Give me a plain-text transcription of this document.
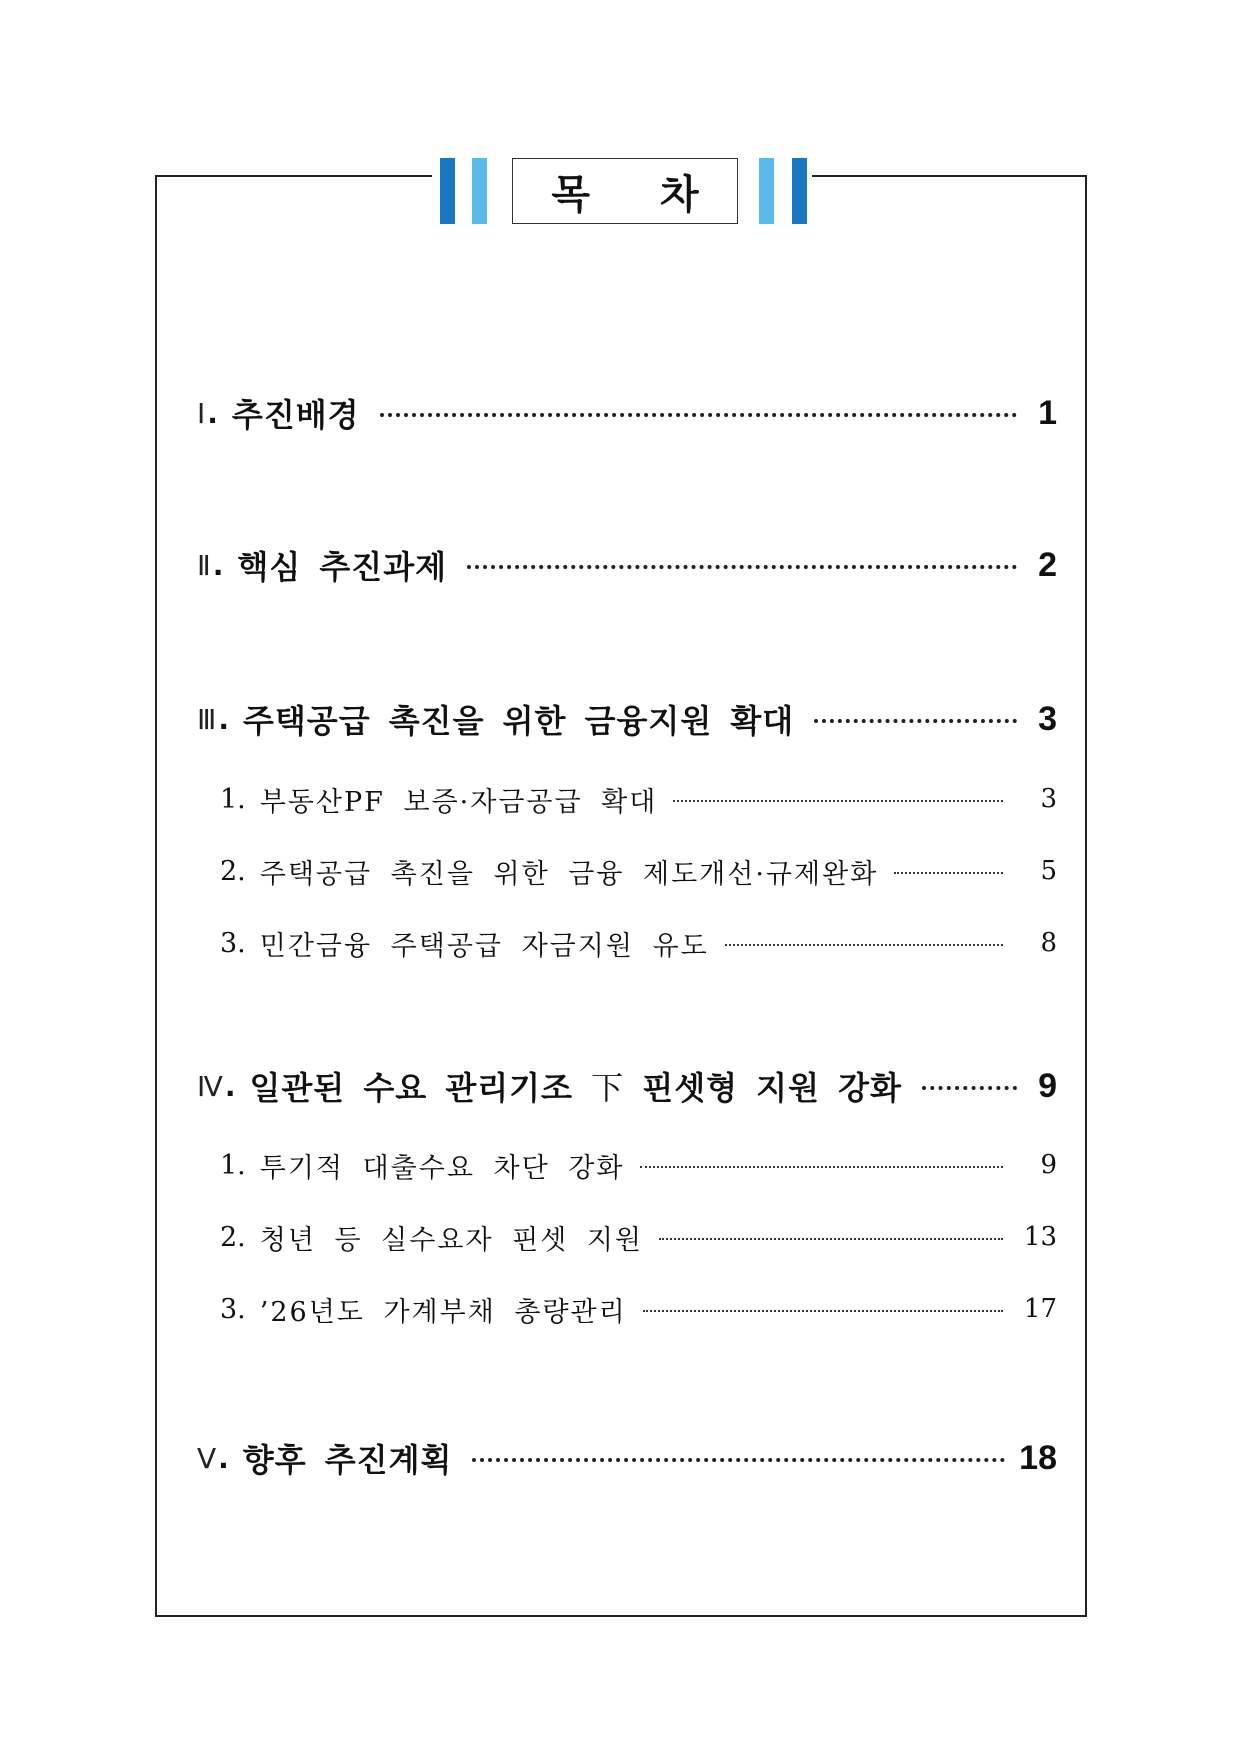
목 차
Ⅰ . 추진배경	1
Ⅱ . 핵심 추진과제	2
Ⅲ . 주택공급 촉진을 위한 금융지원 확대	3
1. 부동산PF 보증·자금공급 확대	3
2. 주택공급 촉진을 위한 금융 제도개선·규제완화	5
3. 민간금융 주택공급 자금지원 유도	8
Ⅳ . 일관된 수요 관리기조 下 핀셋형 지원 강화	9
1. 투기적 대출수요 차단 강화	9
2. 청년 등 실수요자 핀셋 지원	13
3. ’26년도 가계부채 총량관리	17
Ⅴ . 향후 추진계획	18
